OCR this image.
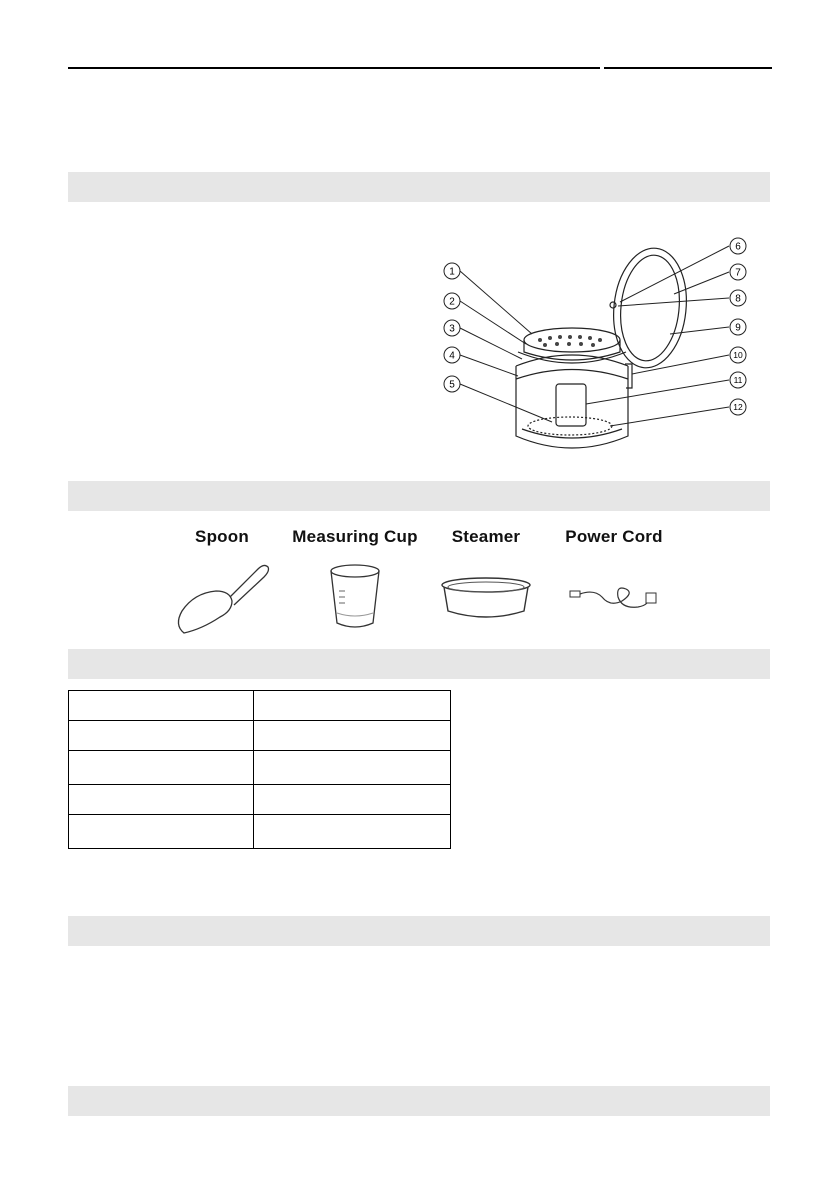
1
2
3
4
5
6
7
8
9
10
11
12
Spoon	Measuring Cup	Steamer	Power Cord
